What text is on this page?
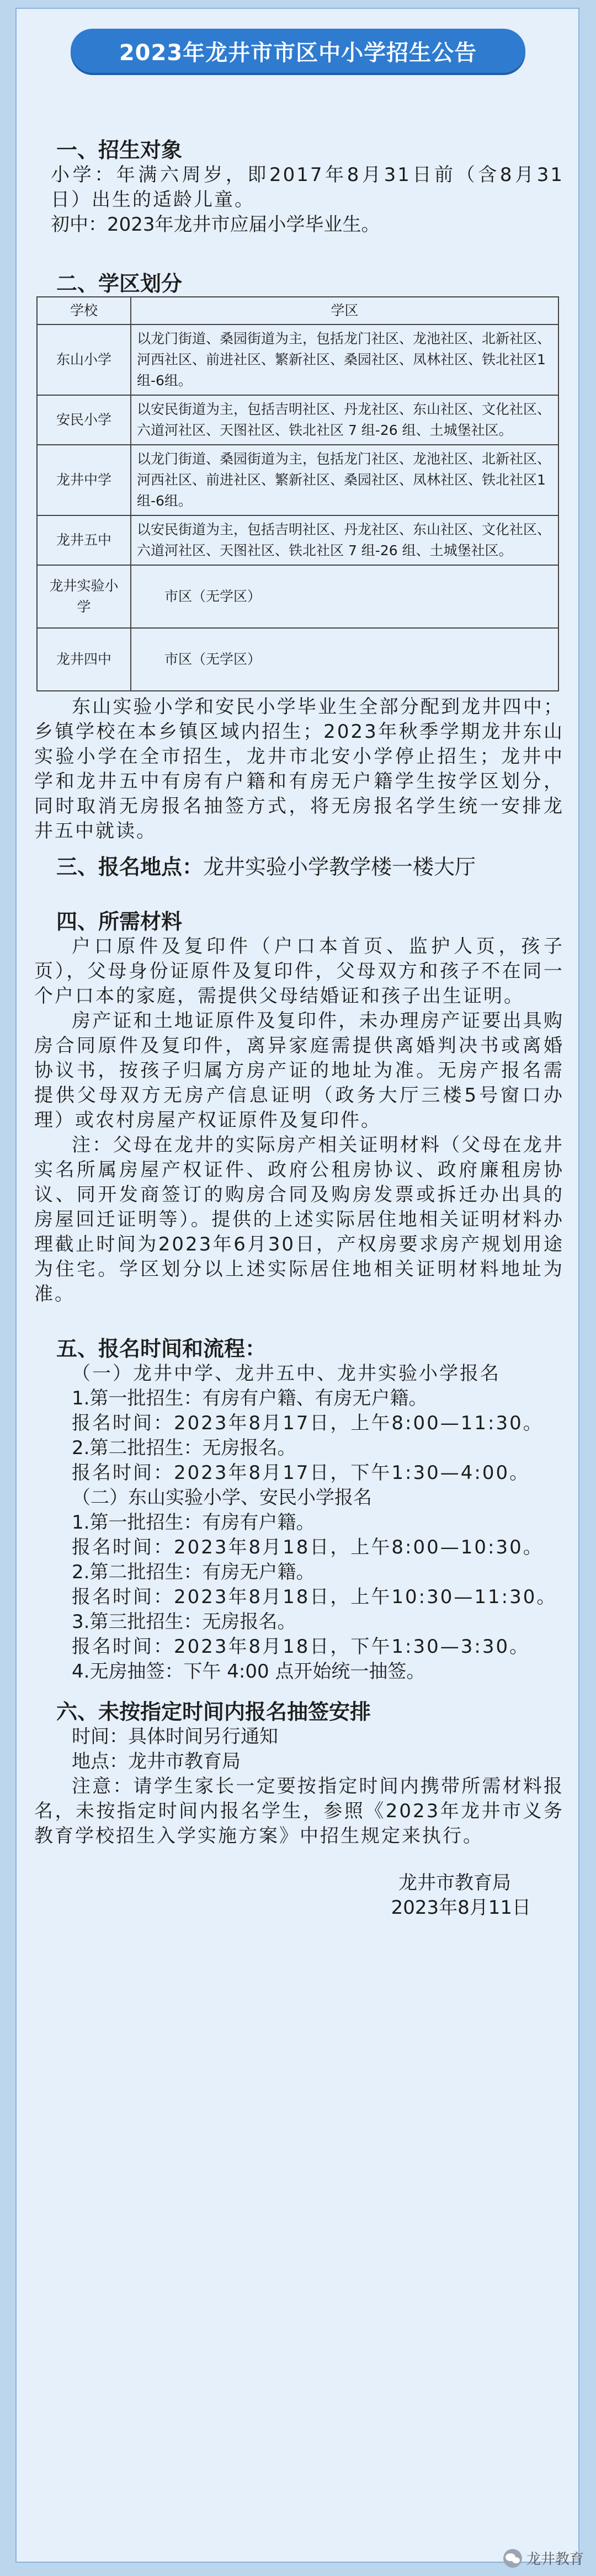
2023年龙井市市区中小学招生公告
一、招生对象

小学：年满六周岁，即2017年8月31日前（含8月31日）出生的适龄儿童。

初中：2023年龙井市应届小学毕业生。

二、学区划分
学校	学区
东山小学	以龙门街道、桑园街道为主，包括龙门社区、龙池社区、北新社区、河西社区、前进社区、繁新社区、桑园社区、凤林社区、铁北社区1组-6组。
安民小学	以安民街道为主，包括吉明社区、丹龙社区、东山社区、文化社区、六道河社区、天图社区、铁北社区 7 组-26 组、土城堡社区。
龙井中学	以龙门街道、桑园街道为主，包括龙门社区、龙池社区、北新社区、河西社区、前进社区、繁新社区、桑园社区、凤林社区、铁北社区1组-6组。
龙井五中	以安民街道为主，包括吉明社区、丹龙社区、东山社区、文化社区、六道河社区、天图社区、铁北社区 7 组-26 组、土城堡社区。
龙井实验小学	市区（无学区）
龙井四中	市区（无学区）

东山实验小学和安民小学毕业生全部分配到龙井四中；乡镇学校在本乡镇区域内招生；2023年秋季学期龙井东山实验小学在全市招生，龙井市北安小学停止招生；龙井中学和龙井五中有房有户籍和有房无户籍学生按学区划分，同时取消无房报名抽签方式，将无房报名学生统一安排龙井五中就读。

三、报名地点：龙井实验小学教学楼一楼大厅
四、所需材料

户口原件及复印件（户口本首页、监护人页，孩子页），父母身份证原件及复印件，父母双方和孩子不在同一个户口本的家庭，需提供父母结婚证和孩子出生证明。

房产证和土地证原件及复印件，未办理房产证要出具购房合同原件及复印件，离异家庭需提供离婚判决书或离婚协议书，按孩子归属方房产证的地址为准。无房产报名需提供父母双方无房产信息证明（政务大厅三楼5号窗口办理）或农村房屋产权证原件及复印件。

注：父母在龙井的实际房产相关证明材料（父母在龙井实名所属房屋产权证件、政府公租房协议、政府廉租房协议、同开发商签订的购房合同及购房发票或拆迁办出具的房屋回迁证明等）。提供的上述实际居住地相关证明材料办理截止时间为2023年6月30日，产权房要求房产规划用途为住宅。学区划分以上述实际居住地相关证明材料地址为准。

五、报名时间和流程：

（一）龙井中学、龙井五中、龙井实验小学报名

1.第一批招生：有房有户籍、有房无户籍。

报名时间：2023年8月17日，上午8:00—11:30。

2.第二批招生：无房报名。

报名时间：2023年8月17日，下午1:30—4:00。

（二）东山实验小学、安民小学报名

1.第一批招生：有房有户籍。

报名时间：2023年8月18日，上午8:00—10:30。

2.第二批招生：有房无户籍。

报名时间：2023年8月18日，上午10:30—11:30。

3.第三批招生：无房报名。

报名时间：2023年8月18日，下午1:30—3:30。

4.无房抽签：下午 4:00 点开始统一抽签。

六、未按指定时间内报名抽签安排

时间：具体时间另行通知

地点：龙井市教育局

注意：请学生家长一定要按指定时间内携带所需材料报名，未按指定时间内报名学生，参照《2023年龙井市义务教育学校招生入学实施方案》中招生规定来执行。

龙井市教育局

2023年8月11日

龙井教育
